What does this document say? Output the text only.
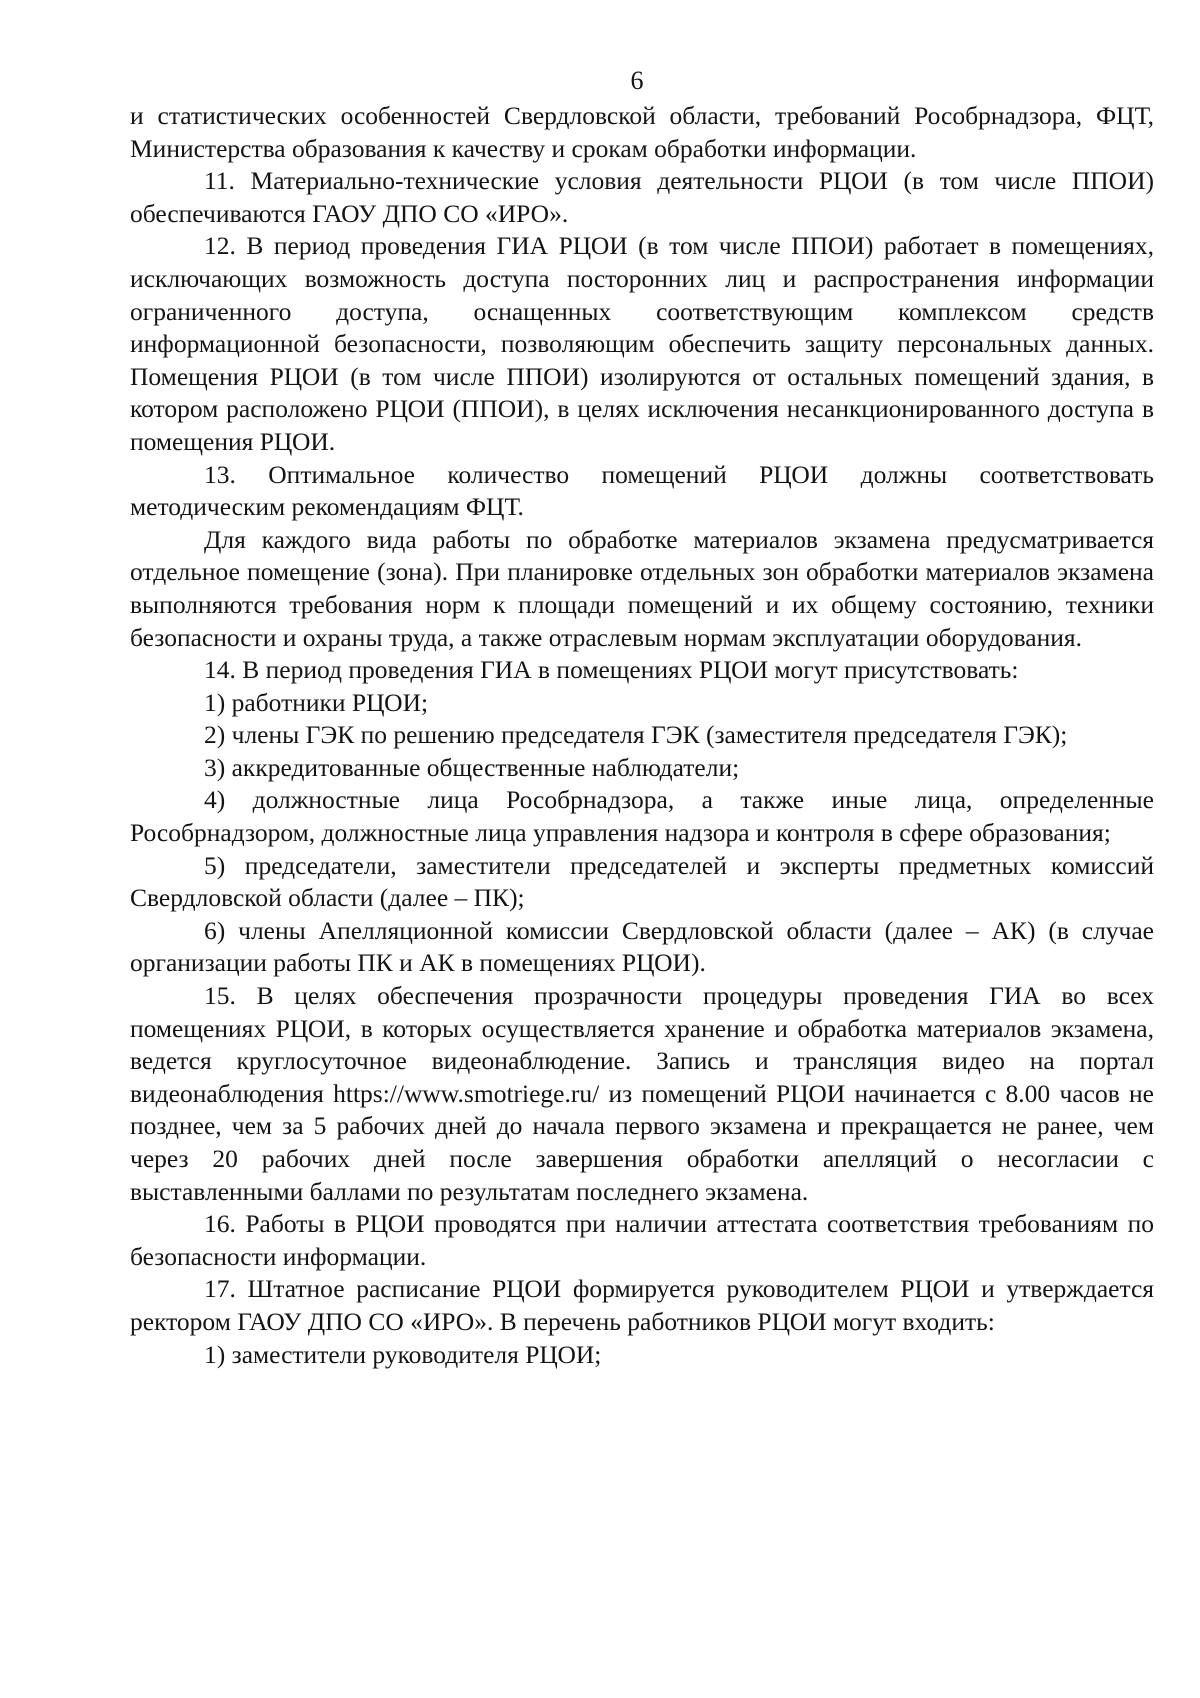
6

и статистических особенностей Свердловской области, требований Рособрнадзора, ФЦТ, Министерства образования к качеству и срокам обработки информации.

11. Материально-технические условия деятельности РЦОИ (в том числе ППОИ) обеспечиваются ГАОУ ДПО СО «ИРО».

12. В период проведения ГИА РЦОИ (в том числе ППОИ) работает в помещениях, исключающих возможность доступа посторонних лиц и распространения информации ограниченного доступа, оснащенных соответствующим комплексом средств информационной безопасности, позволяющим обеспечить защиту персональных данных. Помещения РЦОИ (в том числе ППОИ) изолируются от остальных помещений здания, в котором расположено РЦОИ (ППОИ), в целях исключения несанкционированного доступа в помещения РЦОИ.

13. Оптимальное количество помещений РЦОИ должны соответствовать методическим рекомендациям ФЦТ.

Для каждого вида работы по обработке материалов экзамена предусматривается отдельное помещение (зона). При планировке отдельных зон обработки материалов экзамена выполняются требования норм к площади помещений и их общему состоянию, техники безопасности и охраны труда, а также отраслевым нормам эксплуатации оборудования.

14. В период проведения ГИА в помещениях РЦОИ могут присутствовать:

1) работники РЦОИ;

2) члены ГЭК по решению председателя ГЭК (заместителя председателя ГЭК);

3) аккредитованные общественные наблюдатели;

4) должностные лица Рособрнадзора, а также иные лица, определенные Рособрнадзором, должностные лица управления надзора и контроля в сфере образования;

5) председатели, заместители председателей и эксперты предметных комиссий Свердловской области (далее – ПК);

6) члены Апелляционной комиссии Свердловской области (далее – АК) (в случае организации работы ПК и АК в помещениях РЦОИ).

15. В целях обеспечения прозрачности процедуры проведения ГИА во всех помещениях РЦОИ, в которых осуществляется хранение и обработка материалов экзамена, ведется круглосуточное видеонаблюдение. Запись и трансляция видео на портал видеонаблюдения https://www.smotriege.ru/ из помещений РЦОИ начинается с 8.00 часов не позднее, чем за 5 рабочих дней до начала первого экзамена и прекращается не ранее, чем через 20 рабочих дней после завершения обработки апелляций о несогласии с выставленными баллами по результатам последнего экзамена.

16. Работы в РЦОИ проводятся при наличии аттестата соответствия требованиям по безопасности информации.

17. Штатное расписание РЦОИ формируется руководителем РЦОИ и утверждается ректором ГАОУ ДПО СО «ИРО». В перечень работников РЦОИ могут входить:

1) заместители руководителя РЦОИ;
